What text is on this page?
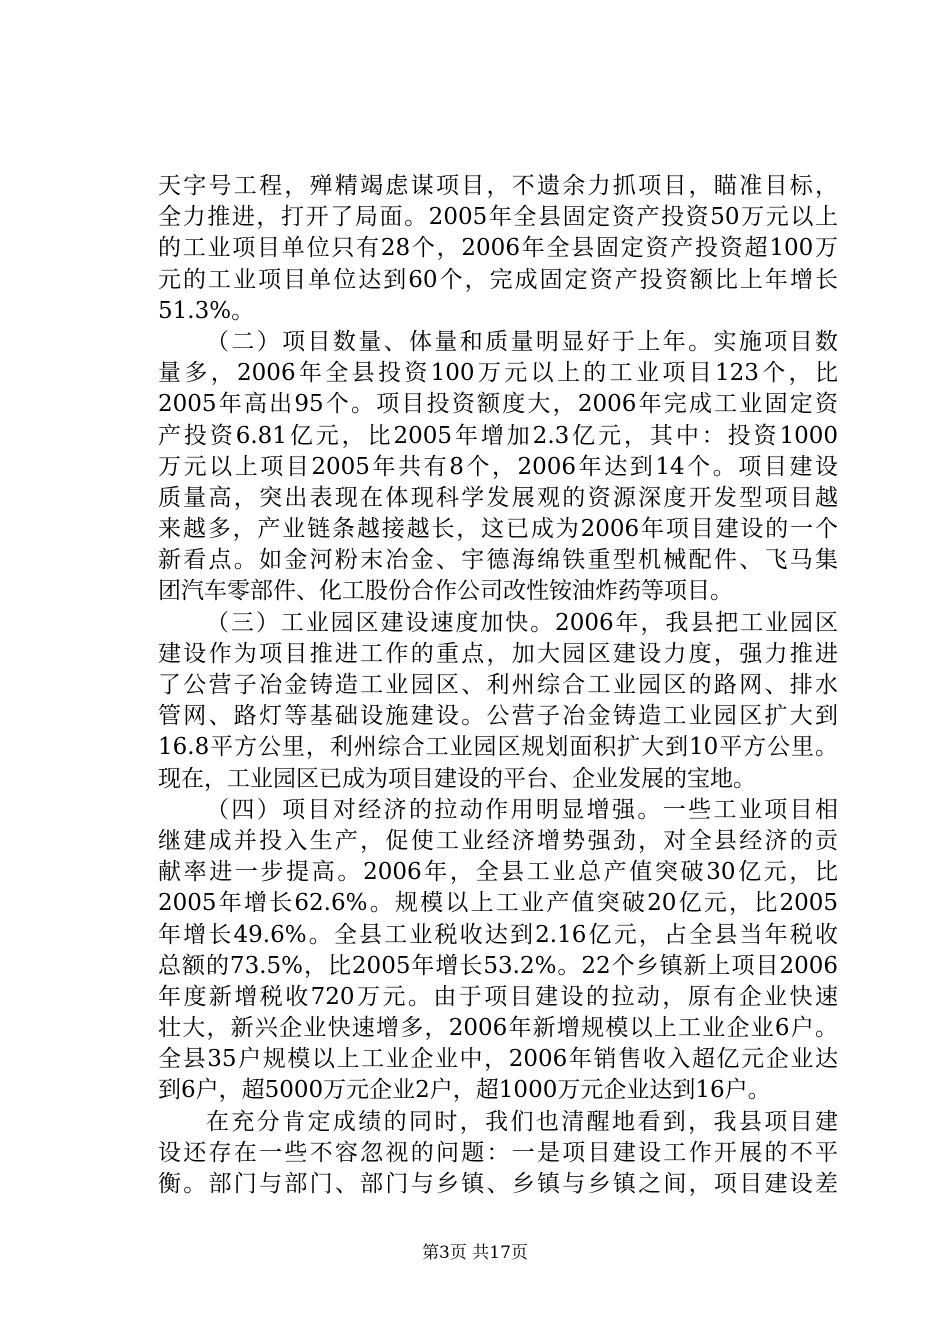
天字号工程，殚精竭虑谋项目，不遗余力抓项目，瞄准目标，
全力推进，打开了局面。2005年全县固定资产投资50万元以上
的工业项目单位只有28个，2006年全县固定资产投资超100万
元的工业项目单位达到60个，完成固定资产投资额比上年增长
51.3%。
（二）项目数量、体量和质量明显好于上年。实施项目数
量多，2006年全县投资100万元以上的工业项目123个，比
2005年高出95个。项目投资额度大，2006年完成工业固定资
产投资6.81亿元，比2005年增加2.3亿元，其中：投资1000
万元以上项目2005年共有8个，2006年达到14个。项目建设
质量高，突出表现在体现科学发展观的资源深度开发型项目越
来越多，产业链条越接越长，这已成为2006年项目建设的一个
新看点。如金河粉末冶金、宇德海绵铁重型机械配件、飞马集
团汽车零部件、化工股份合作公司改性铵油炸药等项目。
（三）工业园区建设速度加快。2006年，我县把工业园区
建设作为项目推进工作的重点，加大园区建设力度，强力推进
了公营子冶金铸造工业园区、利州综合工业园区的路网、排水
管网、路灯等基础设施建设。公营子冶金铸造工业园区扩大到
16.8平方公里，利州综合工业园区规划面积扩大到10平方公里。
现在，工业园区已成为项目建设的平台、企业发展的宝地。
（四）项目对经济的拉动作用明显增强。一些工业项目相
继建成并投入生产，促使工业经济增势强劲，对全县经济的贡
献率进一步提高。2006年，全县工业总产值突破30亿元，比
2005年增长62.6%。规模以上工业产值突破20亿元，比2005
年增长49.6%。全县工业税收达到2.16亿元，占全县当年税收
总额的73.5%，比2005年增长53.2%。22个乡镇新上项目2006
年度新增税收720万元。由于项目建设的拉动，原有企业快速
壮大，新兴企业快速增多，2006年新增规模以上工业企业6户。
全县35户规模以上工业企业中，2006年销售收入超亿元企业达
到6户，超5000万元企业2户，超1000万元企业达到16户。
在充分肯定成绩的同时，我们也清醒地看到，我县项目建
设还存在一些不容忽视的问题：一是项目建设工作开展的不平
衡。部门与部门、部门与乡镇、乡镇与乡镇之间，项目建设差
第3页 共17页
